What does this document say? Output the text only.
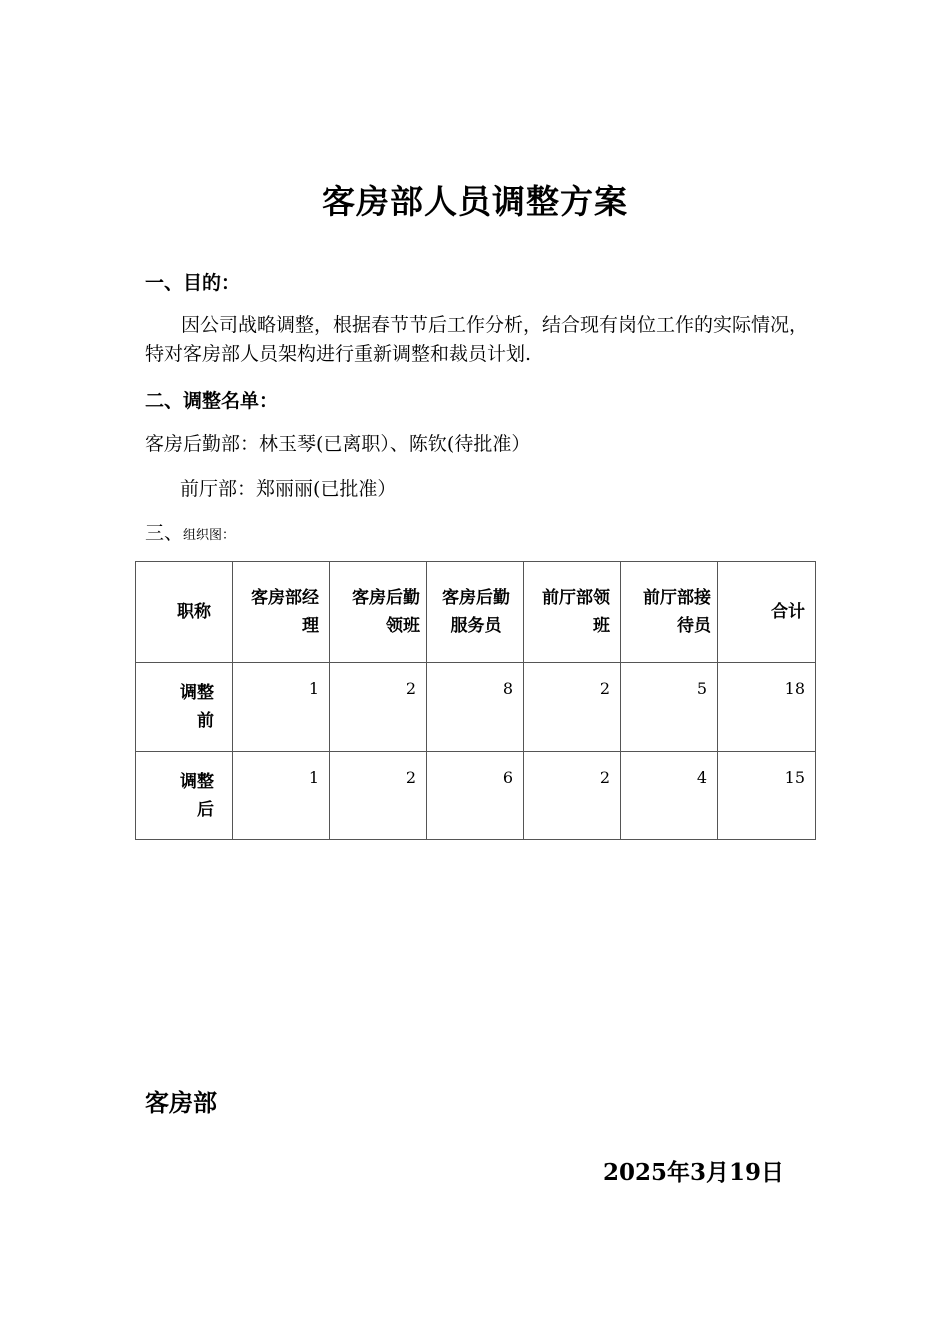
客房部人员调整方案
一、目的：
因公司战略调整，根据春节节后工作分析，结合现有岗位工作的实际情况，特对客房部人员架构进行重新调整和裁员计划.
二、调整名单：
客房后勤部：林玉琴(已离职）、陈钦(待批准）
前厅部：郑丽丽(已批准）
三、组织图：
职称	客房部经理	客房后勤领班	客房后勤服务员	前厅部领班	前厅部接待员	合计
调整前	1	2	8	2	5	18
调整后	1	2	6	2	4	15
客房部
2025年3月19日
